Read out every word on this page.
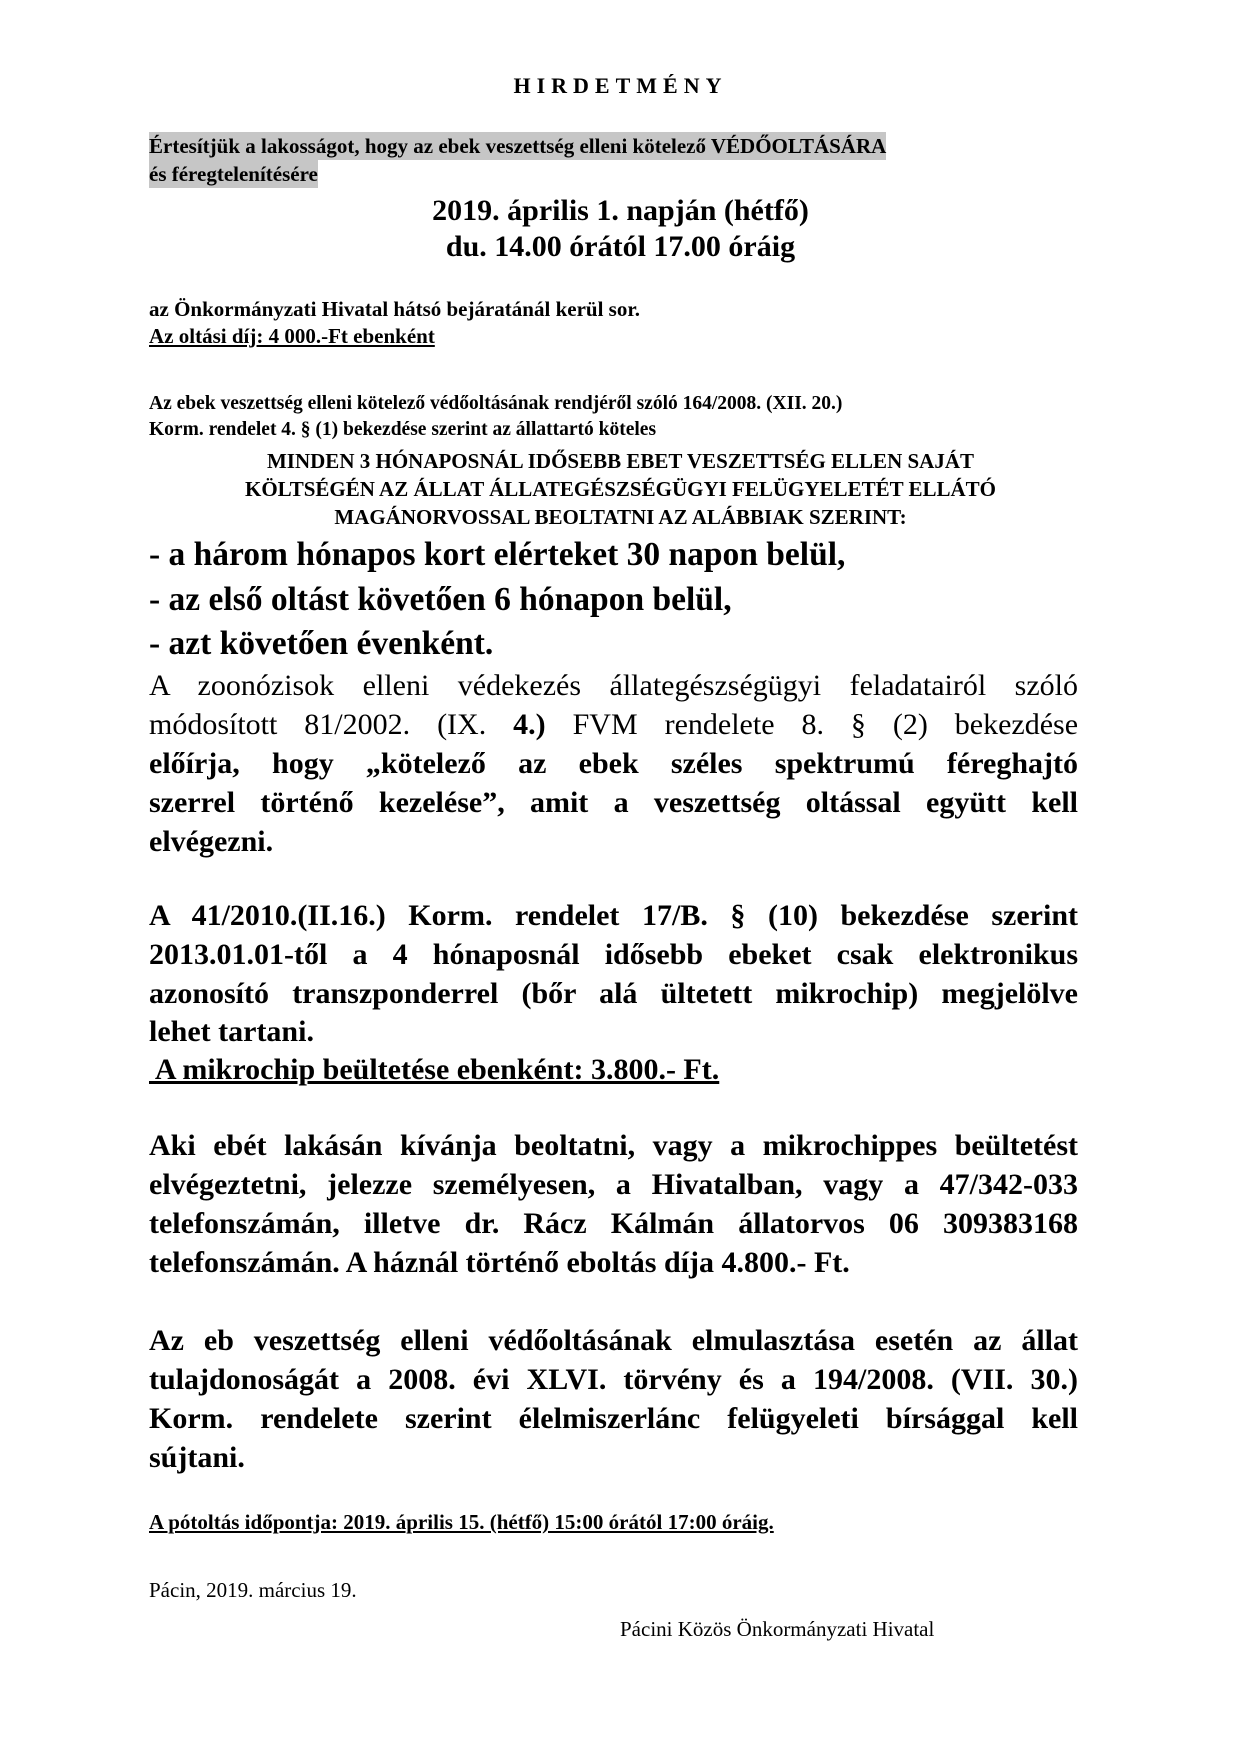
HIRDETMÉNY
Értesítjük a lakosságot, hogy az ebek veszettség elleni kötelező VÉDŐOLTÁSÁRA
és féregtelenítésére
2019. április 1. napján (hétfő)
du. 14.00 órától 17.00 óráig
az Önkormányzati Hivatal hátsó bejáratánál kerül sor.
Az oltási díj: 4 000.-Ft ebenként
Az ebek veszettség elleni kötelező védőoltásának rendjéről szóló 164/2008. (XII. 20.)
Korm. rendelet 4. § (1) bekezdése szerint az állattartó köteles
MINDEN 3 HÓNAPOSNÁL IDŐSEBB EBET VESZETTSÉG ELLEN SAJÁT
KÖLTSÉGÉN AZ ÁLLAT ÁLLATEGÉSZSÉGÜGYI FELÜGYELETÉT ELLÁTÓ
MAGÁNORVOSSAL BEOLTATNI AZ ALÁBBIAK SZERINT:
- a három hónapos kort elérteket 30 napon belül,
- az első oltást követően 6 hónapon belül,
- azt követően évenként.
A zoonózisok elleni védekezés állategészségügyi feladatairól szóló
módosított 81/2002. (IX. 4.) FVM rendelete 8. § (2) bekezdése
előírja, hogy „kötelező az ebek széles spektrumú féreghajtó
szerrel történő kezelése”, amit a veszettség oltással együtt kell
elvégezni.
A 41/2010.(II.16.) Korm. rendelet 17/B. § (10) bekezdése szerint
2013.01.01-től a 4 hónaposnál idősebb ebeket csak elektronikus
azonosító transzponderrel (bőr alá ültetett mikrochip) megjelölve
lehet tartani.
A mikrochip beültetése ebenként: 3.800.- Ft.
Aki ebét lakásán kívánja beoltatni, vagy a mikrochippes beültetést
elvégeztetni, jelezze személyesen, a Hivatalban, vagy a 47/342-033
telefonszámán, illetve dr. Rácz Kálmán állatorvos 06 309383168
telefonszámán. A háznál történő eboltás díja 4.800.- Ft.
Az eb veszettség elleni védőoltásának elmulasztása esetén az állat
tulajdonoságát a 2008. évi XLVI. törvény és a 194/2008. (VII. 30.)
Korm. rendelete szerint élelmiszerlánc felügyeleti bírsággal kell
sújtani.
A pótoltás időpontja: 2019. április 15. (hétfő) 15:00 órától 17:00 óráig.
Pácin, 2019. március 19.
Pácini Közös Önkormányzati Hivatal
